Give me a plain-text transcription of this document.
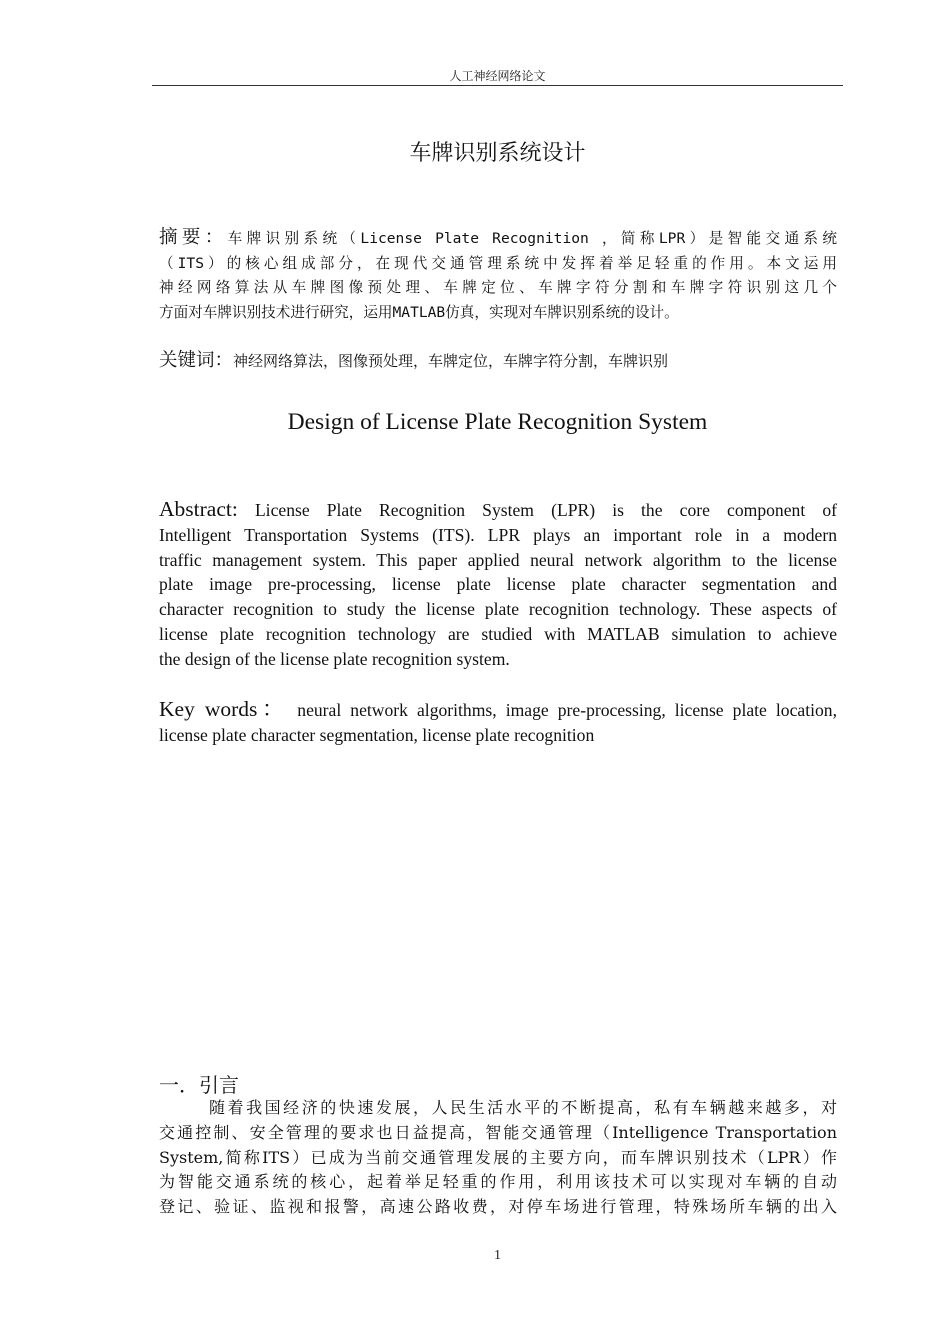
人工神经网络论文
车牌识别系统设计
摘要：车牌识别系统（License Plate Recognition ，简称LPR）是智能交通系统
（ITS）的核心组成部分，在现代交通管理系统中发挥着举足轻重的作用。本文运用
神经网络算法从车牌图像预处理、车牌定位、车牌字符分割和车牌字符识别这几个
方面对车牌识别技术进行研究，运用MATLAB仿真，实现对车牌识别系统的设计。
关键词：神经网络算法，图像预处理，车牌定位，车牌字符分割，车牌识别
Design of License Plate Recognition System
Abstract: License Plate Recognition System (LPR) is the core component of
Intelligent Transportation Systems (ITS). LPR plays an important role in a modern
traffic management system. This paper applied neural network algorithm to the license
plate image pre-processing, license plate license plate character segmentation and
character recognition to study the license plate recognition technology. These aspects of
license plate recognition technology are studied with MATLAB simulation to achieve
the design of the license plate recognition system.
Key words： neural network algorithms, image pre-processing, license plate location,
license plate character segmentation, license plate recognition
一．引言
随着我国经济的快速发展，人民生活水平的不断提高，私有车辆越来越多，对
交通控制、安全管理的要求也日益提高，智能交通管理（Intelligence Transportation
System,简称ITS）已成为当前交通管理发展的主要方向，而车牌识别技术（LPR）作
为智能交通系统的核心，起着举足轻重的作用，利用该技术可以实现对车辆的自动
登记、验证、监视和报警，高速公路收费，对停车场进行管理，特殊场所车辆的出入
1
